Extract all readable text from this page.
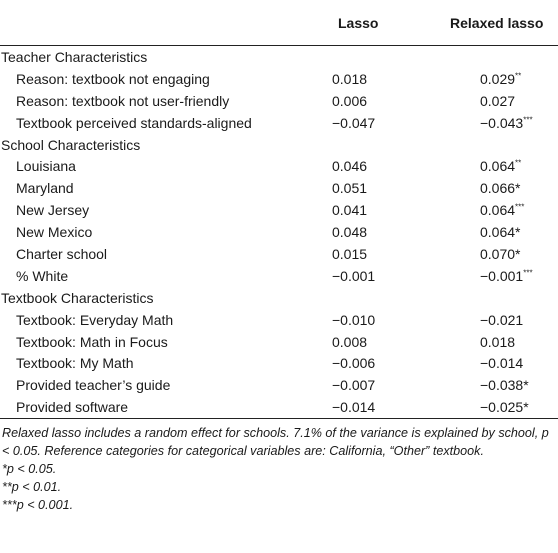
	Lasso	Relaxed lasso
Teacher Characteristics		
Reason: textbook not engaging	0.018	0.029**
Reason: textbook not user-friendly	0.006	0.027
Textbook perceived standards-aligned	−0.047	−0.043***
School Characteristics		
Louisiana	0.046	0.064**
Maryland	0.051	0.066*
New Jersey	0.041	0.064***
New Mexico	0.048	0.064*
Charter school	0.015	0.070*
% White	−0.001	−0.001***
Textbook Characteristics		
Textbook: Everyday Math	−0.010	−0.021
Textbook: Math in Focus	0.008	0.018
Textbook: My Math	−0.006	−0.014
Provided teacher’s guide	−0.007	−0.038*
Provided software	−0.014	−0.025*
Relaxed lasso includes a random effect for schools. 7.1% of the variance is explained by school, p < 0.05. Reference categories for categorical variables are: California, “Other” textbook.
*p < 0.05.
**p < 0.01.
***p < 0.001.
